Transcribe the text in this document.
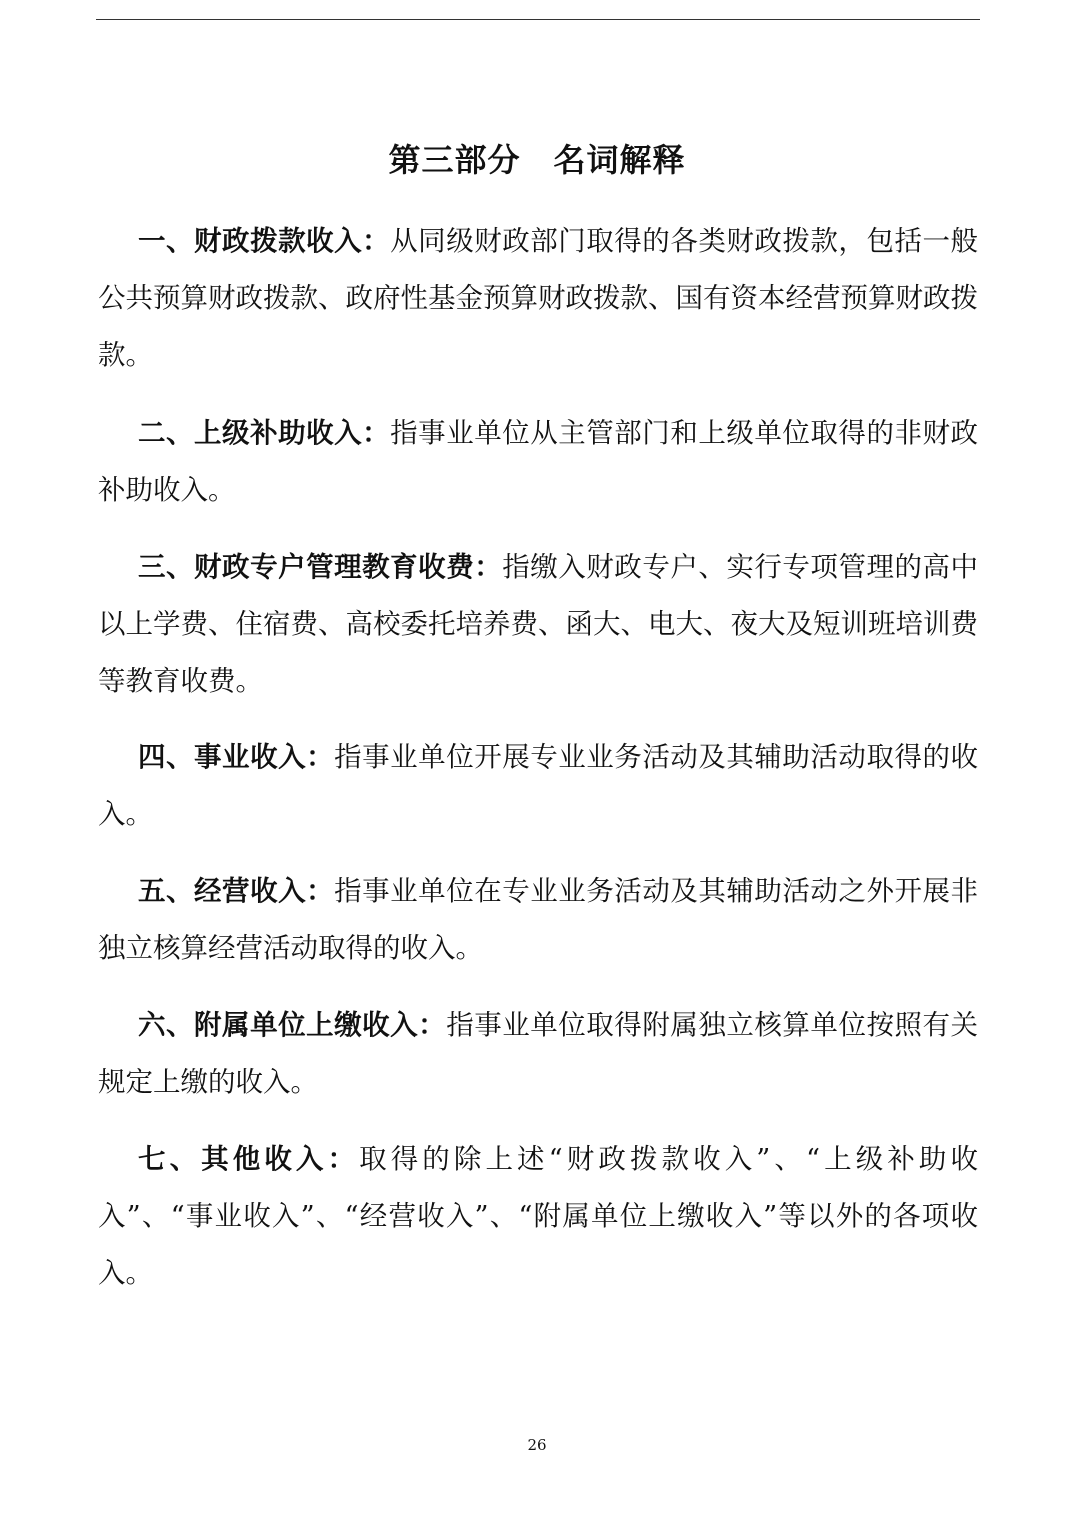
第三部分　名词解释
一、财政拨款收入：从同级财政部门取得的各类财政拨款，包括一般公共预算财政拨款、政府性基金预算财政拨款、国有资本经营预算财政拨款。
二、上级补助收入：指事业单位从主管部门和上级单位取得的非财政补助收入。
三、财政专户管理教育收费：指缴入财政专户、实行专项管理的高中以上学费、住宿费、高校委托培养费、函大、电大、夜大及短训班培训费等教育收费。
四、事业收入：指事业单位开展专业业务活动及其辅助活动取得的收入。
五、经营收入：指事业单位在专业业务活动及其辅助活动之外开展非独立核算经营活动取得的收入。
六、附属单位上缴收入：指事业单位取得附属独立核算单位按照有关规定上缴的收入。
七、其他收入：取得的除上述“财政拨款收入”、“上级补助收入”、“事业收入”、“经营收入”、“附属单位上缴收入”等以外的各项收入。
26
